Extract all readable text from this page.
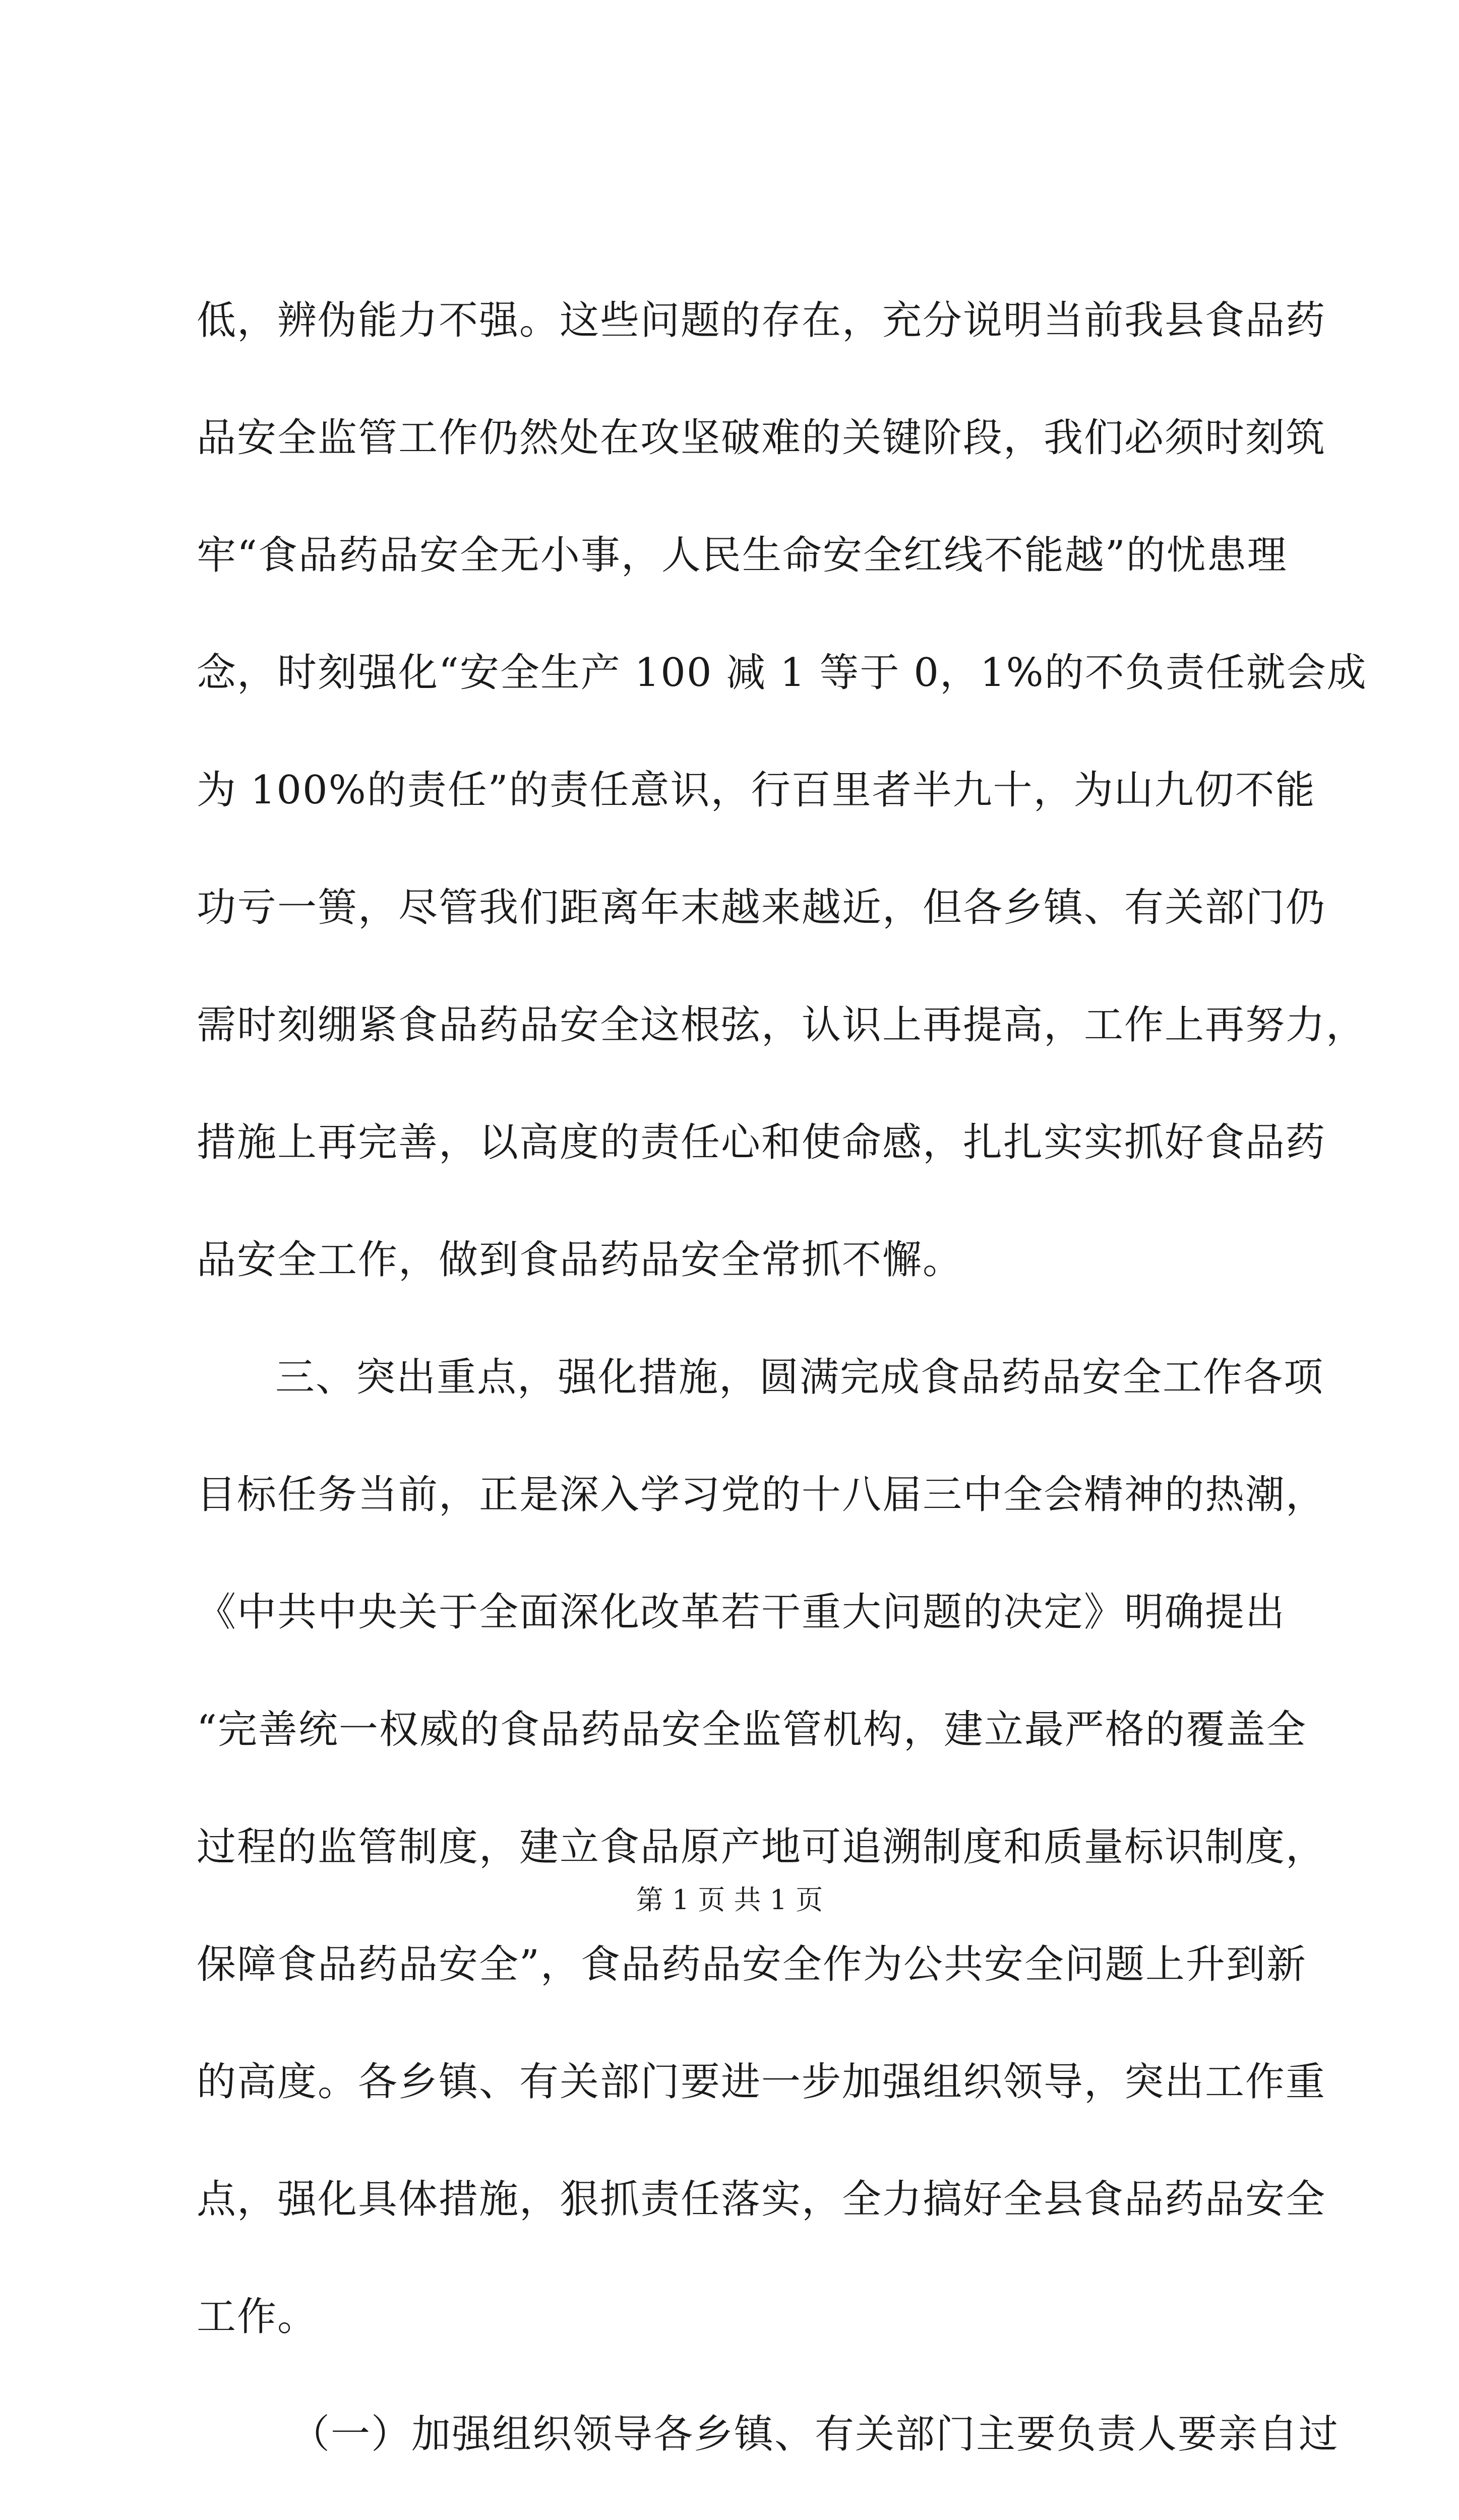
低，辨伪能力不强。这些问题的存在，充分说明当前我县食品药
品安全监管工作仍然处在攻坚破难的关键阶段，我们必须时刻筑
牢“食品药品安全无小事，人民生命安全红线不能越”的忧患理
念，时刻强化“安全生产 100 减 1 等于 0，1%的不负责任就会成
为 100%的责任”的责任意识，行百里者半九十，为山九仞不能
功亏一篑，尽管我们距离年末越来越近，但各乡镇、有关部门仍
需时刻绷紧食品药品安全这根弦，认识上再提高，工作上再努力，
措施上再完善，以高度的责任心和使命感，扎扎实实抓好食品药
品安全工作，做到食品药品安全常抓不懈。
三、突出重点，强化措施，圆满完成食品药品安全工作各项
目标任务当前，正是深入学习党的十八届三中全会精神的热潮，
《中共中央关于全面深化改革若干重大问题的决定》明确提出
“完善统一权威的食品药品安全监管机构，建立最严格的覆盖全
过程的监管制度，建立食品原产地可追溯制度和质量标识制度，
保障食品药品安全”，食品药品安全作为公共安全问题上升到新
的高度。各乡镇、有关部门要进一步加强组织领导，突出工作重
点，强化具体措施，狠抓责任落实，全力搞好全县食品药品安全
工作。
（一）加强组织领导各乡镇、有关部门主要负责人要亲自过
第 1 页 共 1 页
